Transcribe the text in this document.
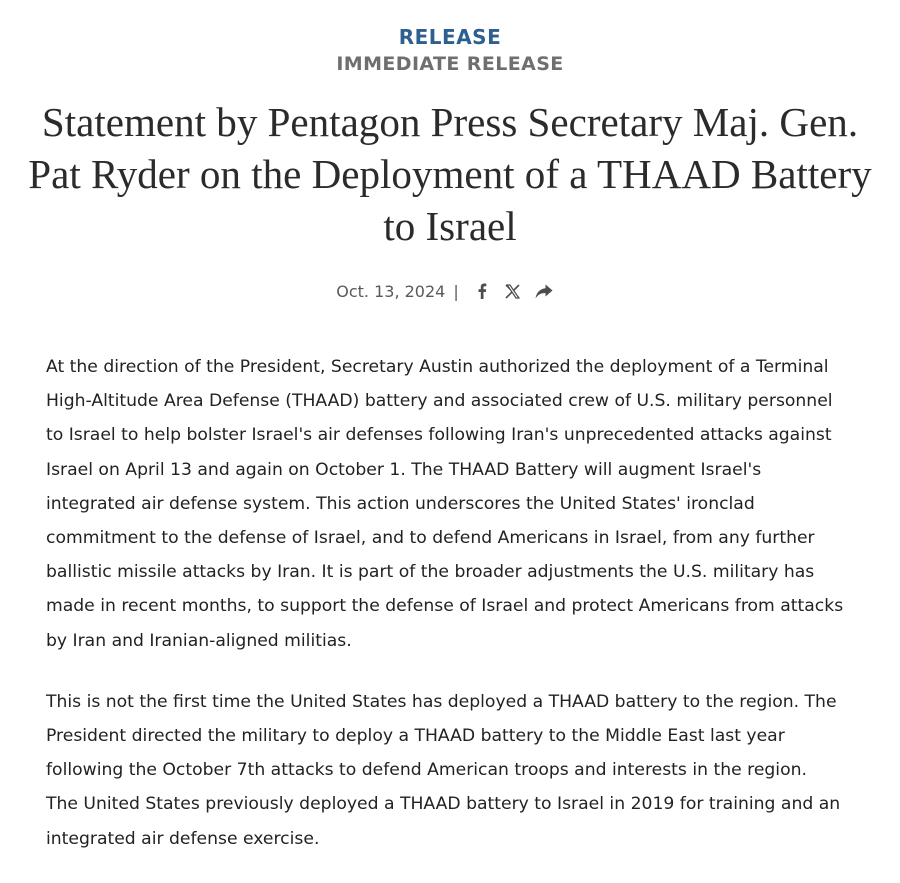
RELEASE
IMMEDIATE RELEASE
Statement by Pentagon Press Secretary Maj. Gen.
Pat Ryder on the Deployment of a THAAD Battery
to Israel
Oct. 13, 2024 |

At the direction of the President, Secretary Austin authorized the deployment of a Terminal
High-Altitude Area Defense (THAAD) battery and associated crew of U.S. military personnel
to Israel to help bolster Israel's air defenses following Iran's unprecedented attacks against
Israel on April 13 and again on October 1. The THAAD Battery will augment Israel's
integrated air defense system. This action underscores the United States' ironclad
commitment to the defense of Israel, and to defend Americans in Israel, from any further
ballistic missile attacks by Iran. It is part of the broader adjustments the U.S. military has
made in recent months, to support the defense of Israel and protect Americans from attacks
by Iran and Iranian-aligned militias.

This is not the first time the United States has deployed a THAAD battery to the region. The
President directed the military to deploy a THAAD battery to the Middle East last year
following the October 7th attacks to defend American troops and interests in the region.
The United States previously deployed a THAAD battery to Israel in 2019 for training and an
integrated air defense exercise.
